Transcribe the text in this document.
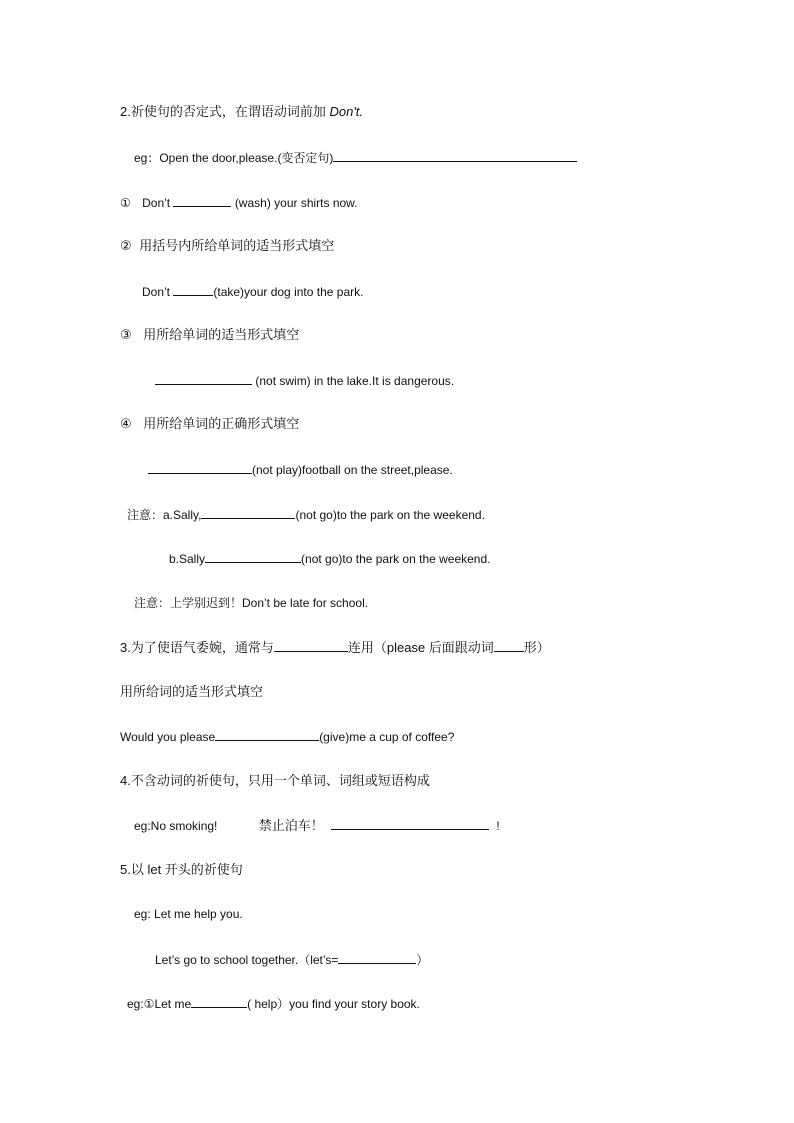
2.祈使句的否定式，在谓语动词前加 Don't.
eg：Open the door,please.(变否定句)
① Don’t	(wash) your shirts now.
② 用括号内所给单词的适当形式填空
Don’t	(take)your dog into the park.
③ 用所给单词的适当形式填空
(not swim) in the lake.It is dangerous.
④ 用所给单词的正确形式填空
(not play)football on the street,please.
注意：a.Sally,	(not go)to the park on the weekend.
b.Sally	(not go)to the park on the weekend.
注意：上学别迟到！Don’t be late for school.
3.为了使语气委婉，通常与	连用（please 后面跟动词 形）
用所给词的适当形式填空
Would you please	(give)me a cup of coffee?
4.不含动词的祈使句，只用一个单词、词组或短语构成
eg:No smoking!	禁止泊车！	!
5.以 let 开头的祈使句
eg: Let me help you.
Let’s go to school together.（let’s=	）
eg:①Let me	( help）you find your story book.
